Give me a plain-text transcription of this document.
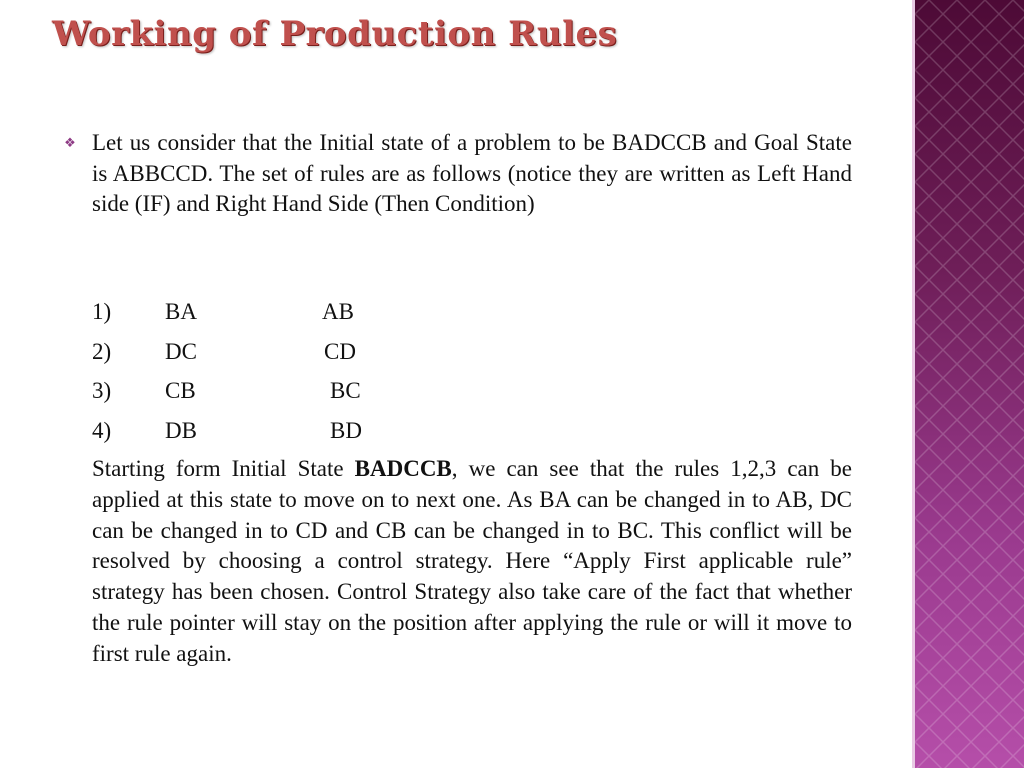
Working of Production Rules
❖ Let us consider that the Initial state of a problem to be BADCCB and Goal State is ABBCCD. The set of rules are as follows (notice they are written as Left Hand side (IF) and Right Hand Side (Then Condition)

1) BA	AB
2) DC	CD
3) CB	BC
4) DB	BD

Starting form Initial State BADCCB, we can see that the rules 1,2,3 can be applied at this state to move on to next one. As BA can be changed in to AB, DC can be changed in to CD and CB can be changed in to BC. This conflict will be resolved by choosing a control strategy. Here “Apply First applicable rule” strategy has been chosen. Control Strategy also take care of the fact that whether the rule pointer will stay on the position after applying the rule or will it move to first rule again.
